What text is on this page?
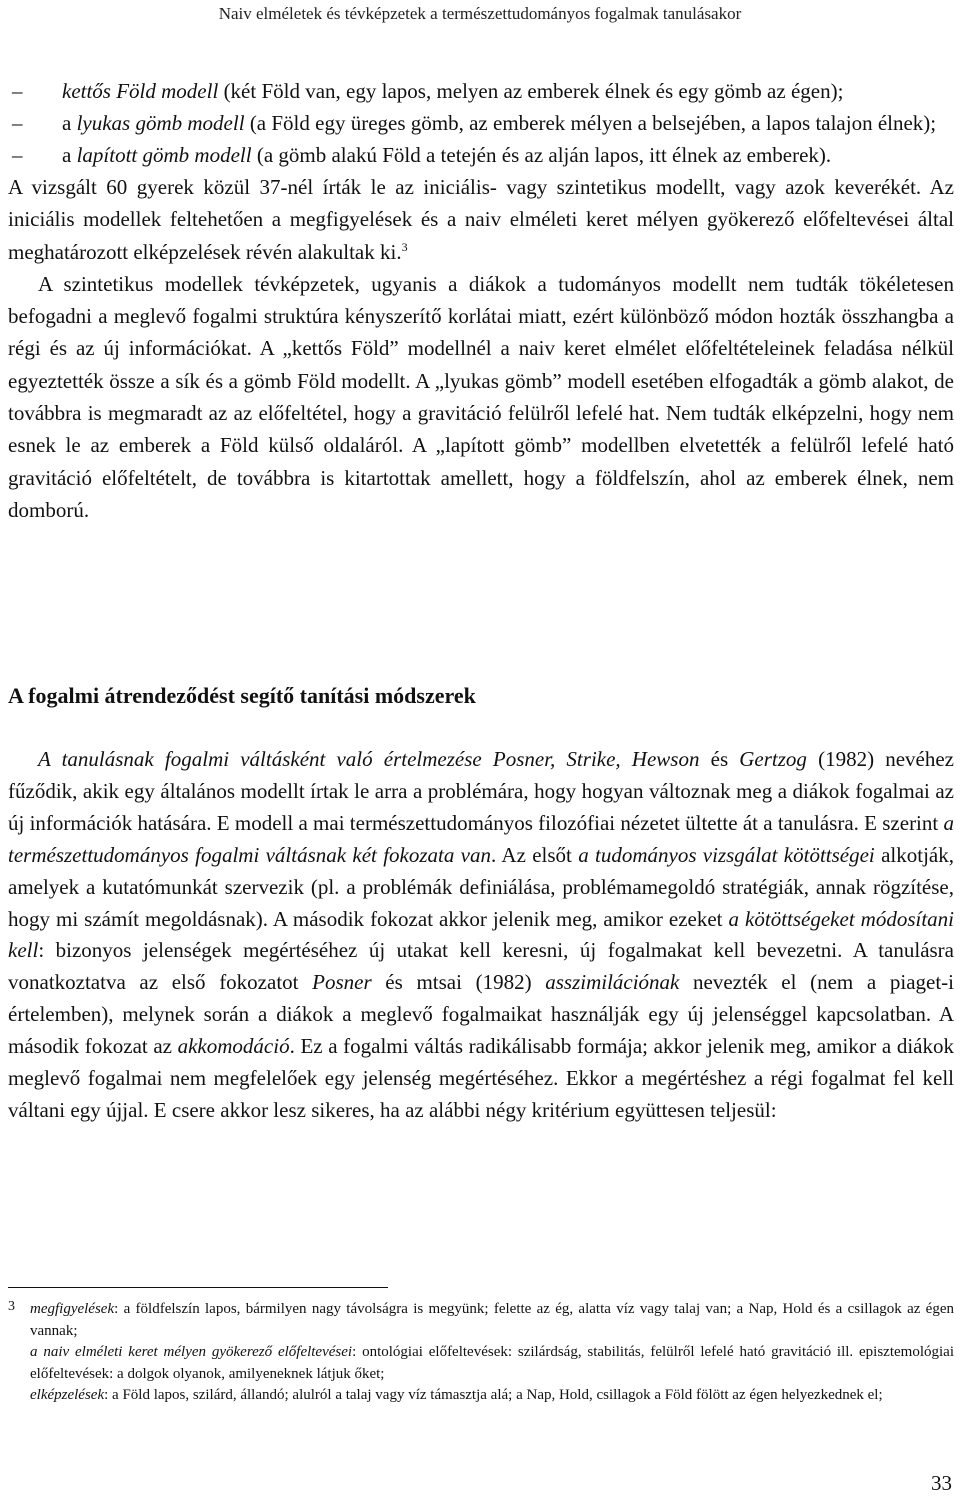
Naiv elméletek és tévképzetek a természettudományos fogalmak tanulásakor
– kettős Föld modell (két Föld van, egy lapos, melyen az emberek élnek és egy gömb az égen);
– a lyukas gömb modell (a Föld egy üreges gömb, az emberek mélyen a belsejében, a lapos talajon élnek);
– a lapított gömb modell (a gömb alakú Föld a tetején és az alján lapos, itt élnek az emberek).

A vizsgált 60 gyerek közül 37-nél írták le az iniciális- vagy szintetikus modellt, vagy azok keverékét. Az iniciális modellek feltehetően a megfigyelések és a naiv elméleti keret mélyen gyökerező előfeltevései által meghatározott elképzelések révén alakultak ki.$^3$

A szintetikus modellek tévképzetek, ugyanis a diákok a tudományos modellt nem tudták tökéletesen befogadni a meglevő fogalmi struktúra kényszerítő korlátai miatt, ezért különböző módon hozták összhangba a régi és az új információkat. A „kettős Föld” modellnél a naiv keret elmélet előfeltételeinek feladása nélkül egyeztették össze a sík és a gömb Föld modellt. A „lyukas gömb” modell esetében elfogadták a gömb alakot, de továbbra is megmaradt az az előfeltétel, hogy a gravitáció felülről lefelé hat. Nem tudták elképzelni, hogy nem esnek le az emberek a Föld külső oldaláról. A „lapított gömb” modellben elvetették a felülről lefelé ható gravitáció előfeltételt, de továbbra is kitartottak amellett, hogy a földfelszín, ahol az emberek élnek, nem domború.

A fogalmi átrendeződést segítő tanítási módszerek

A tanulásnak fogalmi váltásként való értelmezése Posner, Strike, Hewson és Gertzog (1982) nevéhez fűződik, akik egy általános modellt írtak le arra a problémára, hogy hogyan változnak meg a diákok fogalmai az új információk hatására. E modell a mai természettudományos filozófiai nézetet ültette át a tanulásra. E szerint a természettudományos fogalmi váltásnak két fokozata van. Az elsőt a tudományos vizsgálat kötöttségei alkotják, amelyek a kutatómunkát szervezik (pl. a problémák definiálása, problémamegoldó stratégiák, annak rögzítése, hogy mi számít megoldásnak). A második fokozat akkor jelenik meg, amikor ezeket a kötöttségeket módosítani kell: bizonyos jelenségek megértéséhez új utakat kell keresni, új fogalmakat kell bevezetni. A tanulásra vonatkoztatva az első fokozatot Posner és mtsai (1982) asszimilációnak nevezték el (nem a piaget-i értelemben), melynek során a diákok a meglevő fogalmaikat használják egy új jelenséggel kapcsolatban. A második fokozat az akkomodáció. Ez a fogalmi váltás radikálisabb formája; akkor jelenik meg, amikor a diákok meglevő fogalmai nem megfelelőek egy jelenség megértéséhez. Ekkor a megértéshez a régi fogalmat fel kell váltani egy újjal. E csere akkor lesz sikeres, ha az alábbi négy kritérium együttesen teljesül:

3 megfigyelések: a földfelszín lapos, bármilyen nagy távolságra is megyünk; felette az ég, alatta víz vagy talaj van; a Nap, Hold és a csillagok az égen vannak;
a naiv elméleti keret mélyen gyökerező előfeltevései: ontológiai előfeltevések: szilárdság, stabilitás, felülről lefelé ható gravitáció ill. episztemológiai előfeltevések: a dolgok olyanok, amilyeneknek látjuk őket;
elképzelések: a Föld lapos, szilárd, állandó; alulról a talaj vagy víz támasztja alá; a Nap, Hold, csillagok a Föld fölött az égen helyezkednek el;
33
